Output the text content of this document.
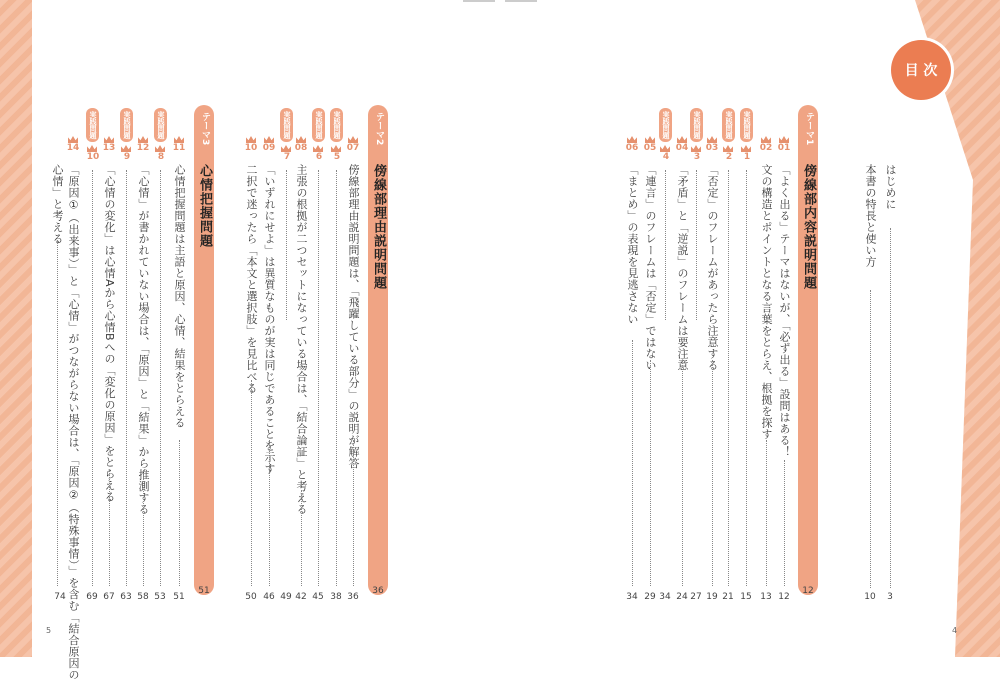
目 次
はじめに
3
本書の特長と使い方
10
テーマ1
傍線部内容説明問題
12
01
「よく出る」テーマはないが、「必ず出る」設問はある！
12
02
文の構造とポイントとなる言葉をとらえ、根拠を探す
13
実践問題
1
15
03
「否定」のフレームがあったら注意する
19
実践問題
2
21
04
「矛盾」と「逆説」のフレームは要注意
24
実践問題
3
27
05
「連言」のフレームは「否定」ではない
29
06
「まとめ」の表現を見逃さない
34
実践問題
4
34
4
テーマ2
傍線部理由説明問題
36
07
傍線部理由説明問題は、「飛躍している部分」の説明が解答
36
実践問題
5
38
08
主張の根拠が二つセットになっている場合は、「結合論証」と考える
42
実践問題
6
45
09
「いずれにせよ」は異質なものが実は同じであることを示す
46
実践問題
7
49
10
二択で迷ったら「本文と選択肢」を見比べる
50
テーマ3
心情把握問題
51
11
心情把握問題は主語と原因、心情、結果をとらえる
51
実践問題
8
53
12
「心情」が書かれていない場合は、「原因」と「結果」から推測する
58
実践問題
9
63
13
「心情の変化」は心情Aから心情Bへの「変化の原因」をとらえる
67
実践問題
10
69
14
「原因①（出来事）」と「心情」がつながらない場合は、「原因②（特殊事情）」を含む「結合原因の
心情」と考える
74
5
